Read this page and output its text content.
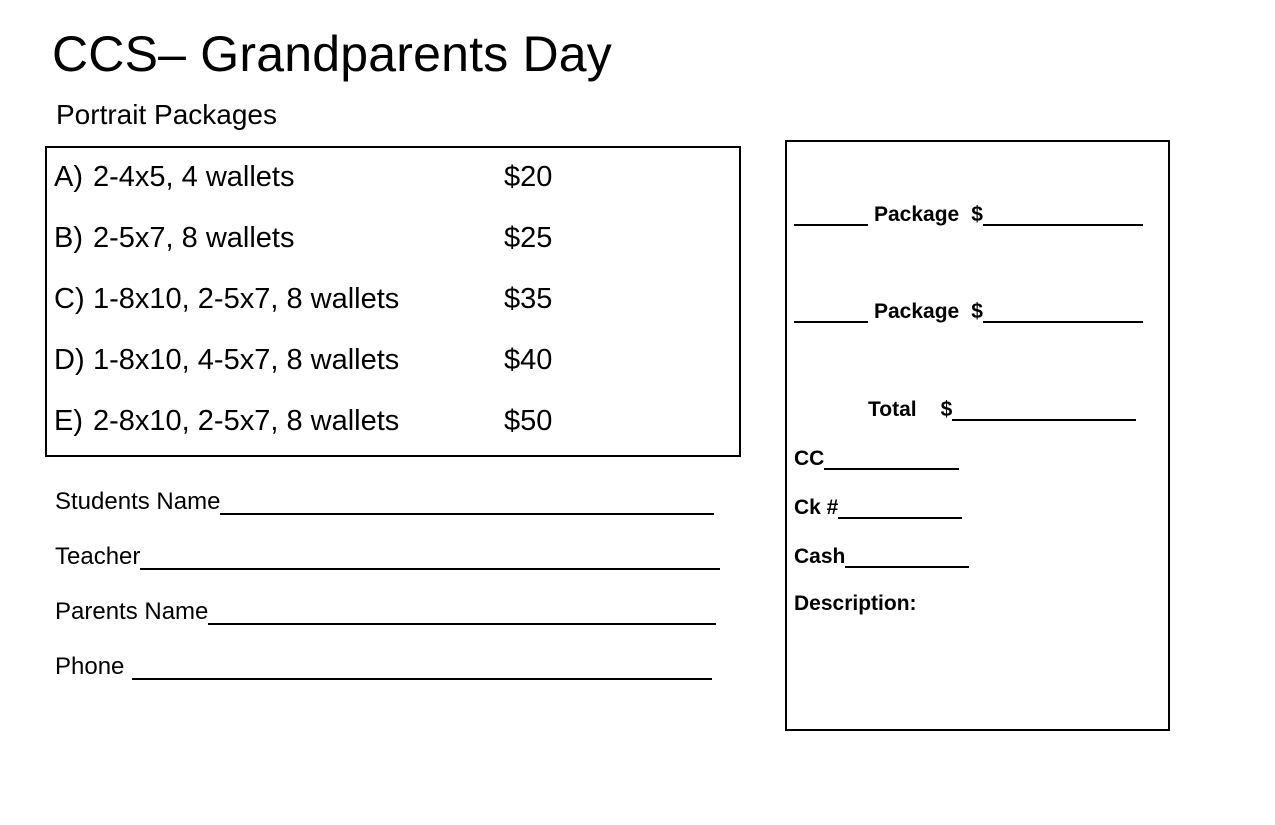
CCS– Grandparents Day
Portrait Packages
A) 2-4x5, 4 wallets	$20
B) 2-5x7, 8 wallets	$25
C) 1-8x10, 2-5x7, 8 wallets	$35
D) 1-8x10, 4-5x7, 8 wallets	$40
E) 2-8x10, 2-5x7, 8 wallets	$50
Students Name
Teacher
Parents Name
Phone
Package $
Package $
Total $
CC
Ck #
Cash
Description:
